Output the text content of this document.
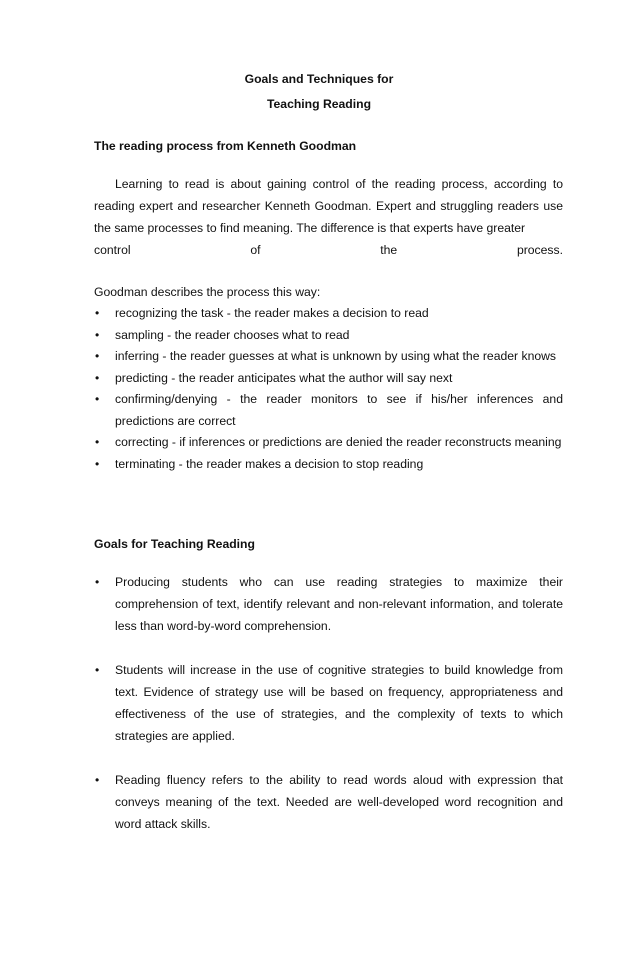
Goals and Techniques for
Teaching Reading
The reading process from Kenneth Goodman

Learning to read is about gaining control of the reading process, according to reading expert and researcher Kenneth Goodman. Expert and struggling readers use the same processes to find meaning. The difference is that experts have greater

control of the process.

Goodman describes the process this way:

• recognizing the task - the reader makes a decision to read
• sampling - the reader chooses what to read
• inferring - the reader guesses at what is unknown by using what the reader knows
• predicting - the reader anticipates what the author will say next
• confirming/denying - the reader monitors to see if his/her inferences and predictions are correct
• correcting - if inferences or predictions are denied the reader reconstructs meaning
• terminating - the reader makes a decision to stop reading
Goals for Teaching Reading
• Producing students who can use reading strategies to maximize their comprehension of text, identify relevant and non-relevant information, and tolerate less than word-by-word comprehension.
• Students will increase in the use of cognitive strategies to build knowledge from text. Evidence of strategy use will be based on frequency, appropriateness and effectiveness of the use of strategies, and the complexity of texts to which strategies are applied.
• Reading fluency refers to the ability to read words aloud with expression that conveys meaning of the text. Needed are well-developed word recognition and word attack skills.
